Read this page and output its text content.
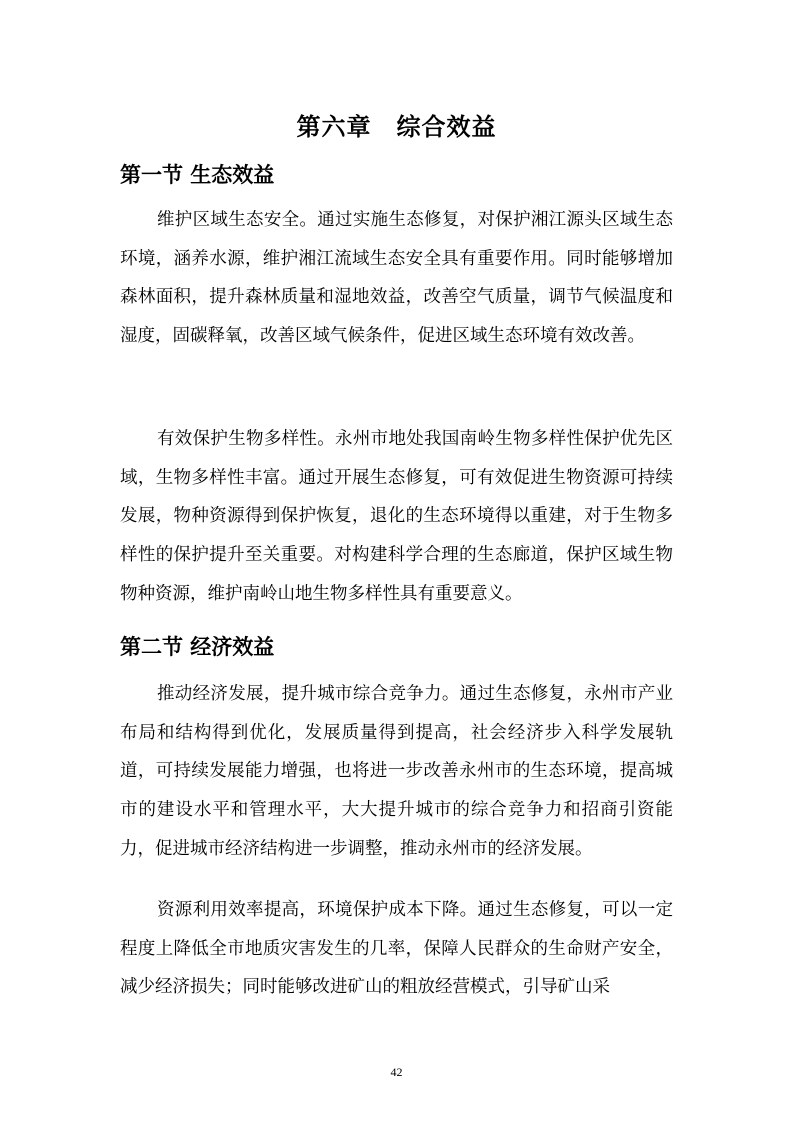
第六章　综合效益
第一节 生态效益

维护区域生态安全。通过实施生态修复，对保护湘江源头区域生态环境，涵养水源，维护湘江流域生态安全具有重要作用。同时能够增加森林面积，提升森林质量和湿地效益，改善空气质量，调节气候温度和湿度，固碳释氧，改善区域气候条件，促进区域生态环境有效改善。

有效保护生物多样性。永州市地处我国南岭生物多样性保护优先区域，生物多样性丰富。通过开展生态修复，可有效促进生物资源可持续发展，物种资源得到保护恢复，退化的生态环境得以重建，对于生物多样性的保护提升至关重要。对构建科学合理的生态廊道，保护区域生物物种资源，维护南岭山地生物多样性具有重要意义。

第二节 经济效益

推动经济发展，提升城市综合竞争力。通过生态修复，永州市产业布局和结构得到优化，发展质量得到提高，社会经济步入科学发展轨道，可持续发展能力增强，也将进一步改善永州市的生态环境，提高城市的建设水平和管理水平，大大提升城市的综合竞争力和招商引资能力，促进城市经济结构进一步调整，推动永州市的经济发展。

资源利用效率提高，环境保护成本下降。通过生态修复，可以一定程度上降低全市地质灾害发生的几率，保障人民群众的生命财产安全，减少经济损失；同时能够改进矿山的粗放经营模式，引导矿山采

42
